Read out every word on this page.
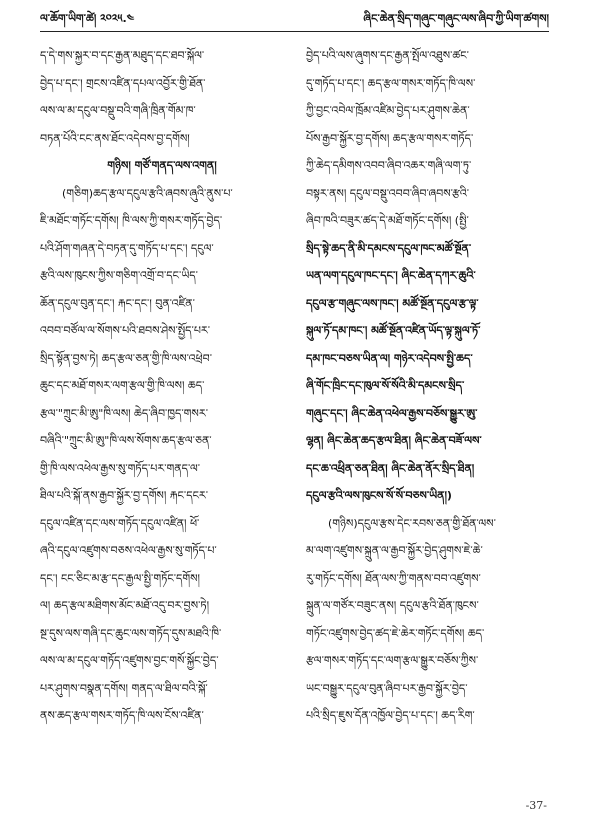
ལ་ཆོག་ཡིག་ཚེ། ༢༠༢༥.༤	ཞིང་ཆེན་སྲིད་གཞུང་གཞུང་ལས་ཞིབ་ཀྱི་ཡིག་ཚགས།
ད་དེ་གས་སྐྱར་བ་དང་རྒྱན་མཐུད་དང་ཐབ་སྐོལ་
བྱེད་པ་དང་། གྲངས་འཛིན་དཔལ་འབྱོར་གྱི་ཐོན་
ལས་ལ་མ་དངུལ་བསྡུ་བའི་གཞི་ཁྲིན་གོམ་ཁ་
བཏན་པོའི་ངང་ནས་ཐོང་འདེབས་བྱ་དགོས།
གཉིས། གཙོ་གནད་ལས་འགན།
(གཅིག)ཆད་རྩལ་དངུལ་རྩའི་ཞབས་ཞུའི་ནུས་པ་
ཇི་མཐོང་གཏོང་དགོས། ཁི་ལས་ཀྱི་གསར་གཏོད་བྱེད་
པའི་ཤོག་གཞན་དེ་བཏན་དུ་གཏོད་པ་དང་། དངུལ་
རྩའི་ལས་ཁུངས་ཀྱིས་གཅིག་འགྲོ་བ་དང་ཡིད་
ཆོན་དངུལ་བུན་དང་། རྐང་དང་། བུན་འཛིན་
འབབ་བཙོལ་ལ་སོགས་པའི་ཐབས་ཤེས་སྤྱོད་པར་
སྲིད་སྟོན་བྱས་ཏེ། ཆད་རྩལ་ཅན་གྱི་ཁི་ལས་འཕྲེབ་
ཆུང་དང་མཐོ་གསར་ལག་རྩལ་གྱི་ཁི་ལས། ཆད་
རྩལ་"ཀྲུང་མི་ཨུ"ཁི་ལས། ཆེད་ཞིབ་ཁྱད་གསར་
བཞིའི་"ཀྲུང་མི་ཨུ"ཁི་ལས་སོགས་ཆད་རྩལ་ཅན་
གྱི་ཁི་ལས་འཕེལ་རྒྱས་སུ་གཏོད་པར་གནད་ལ་
ཐིལ་པའི་སྐོ་ནས་རྒྱབ་སྐྱོར་བྱ་དགོས། རྐང་དངར་
དངུལ་འཛིན་དང་ལས་གཏོད་དངུལ་འཛིན། ཕོ་
ཞའི་དངུལ་འཛུགས་བཅས་འཕེལ་རྒྱས་སུ་གཏོད་པ་
དང་། ངང་ཅིང་མ་རྩ་དང་རྒྱལ་སྤྱི་གཏོང་དགོས།
ལ། ཆད་རྩལ་མཐིགས་མོང་མཐོ་འདུ་བར་བྱས་ཏེ།
སྔ་དུས་ལས་གཞི་དང་ཆུང་ལས་གཏོད་དུས་མཐའི་ཁི་
ལས་ལ་མ་དངུལ་གཏོད་འཛུགས་བྱང་གསོ་སྐྱོང་བྱེད་
པར་ཤུགས་བསྣན་དགོས། གནད་ལ་ཐིལ་བའི་སྐོ་
ནས་ཆད་རྩལ་གསར་གཏོད་ཁི་ལས་ངོས་འཛིན་
བྱེད་པའི་ལས་ཞུགས་དང་རྒྱན་སྤོལ་འཐུས་ཚང་
དུ་གཏོད་པ་དང་། ཆད་རྩལ་གསར་གཏོད་ཁི་ལས་
ཀྱི་བྱང་འབེལ་ཁྲོམ་འཛིམ་བྱེད་པར་ཤུགས་ཆེན་
པོས་རྒྱབ་སྐྱོར་བྱ་དགོས། ཆད་རྩལ་གསར་གཏོད་
ཀྱི་ཆེད་དམིགས་འབབ་ཞིབ་འཆར་གཞི་ལག་ཏུ་
བསྟར་ནས། དངུལ་བསྡུ་འབབ་ཞིབ་ཞབས་རྩའི་
ཞིབ་ཁའི་བཟུར་ཚད་དེ་མཐོ་གཏོང་དགོས། (སྤྱི་
སྲིད་སྟེ་ཆད་ནི་མི་དམངས་དངུལ་ཁང་མཚོ་སྔོན་
ཡན་ལག་དངུལ་ཁང་དང་། ཞིང་ཆེན་དཀར་ཆུའི་
དངུལ་རྩ་གཞུང་ལས་ཁང་། མཚོ་སྔོན་དངུལ་རྩ་ལྟ་
སྐུལ་ཏོ་དམ་ཁང་། མཚོ་སྔོན་འཛིན་ཡོད་ལྟ་སྐུལ་ཏོ་
དམ་ཁང་བཅས་ཡིན་ལ། གཉེར་འདེབས་སྤྱི་ཆད་
ཞི་གོང་ཁྲིང་དང་ཁུལ་སོ་སོའི་མི་དམངས་སྲིད་
གཞུང་དང་། ཞིང་ཆེན་འཕེལ་རྒྱས་བཅོས་སྒྱུར་ཨུ་
ལྷན། ཞིང་ཆེན་ཆད་རྩལ་ཐིན། ཞིང་ཆེན་བཟོ་ལས་
དང་ཆ་འཕྲིན་ཅན་ཐིན། ཞིང་ཆེན་ནོར་སྲིད་ཐིན།
དངུལ་རྩའི་ལས་ཁུངས་སོ་སོ་བཅས་ཡིན།)
(གཉིས)དངུལ་རྩས་དེང་རབས་ཅན་གྱི་ཐོན་ལས་
མ་ལག་འཛུགས་སྐྲུན་ལ་རྒྱབ་སྐྱོར་བྱེད་ཤུགས་ཇེ་ཆེ་
རུ་གཏོང་དགོས། ཐོན་ལས་ཀྱི་གནས་བབ་འཛུགས་
སྐྲུན་ལ་གཙོར་བཟུང་ནས། དངུལ་རྩའི་ཐོན་ཁུངས་
གཏོང་འཛུགས་བྱེད་ཚད་ཇེ་ཆེར་གཏོང་དགོས། ཆད་
རྩལ་གསར་གཏོད་དང་ལག་རྩལ་སྒྱུར་བཅོས་ཀྱིས་
ཡང་བསྒྱུར་དངུལ་བུན་ཞིབ་པར་རྒྱབ་སྐྱོར་བྱེད་
པའི་སྲིད་ཇུས་དོན་འཁྱོལ་བྱེད་པ་དང་། ཆད་རིག་
-37-
